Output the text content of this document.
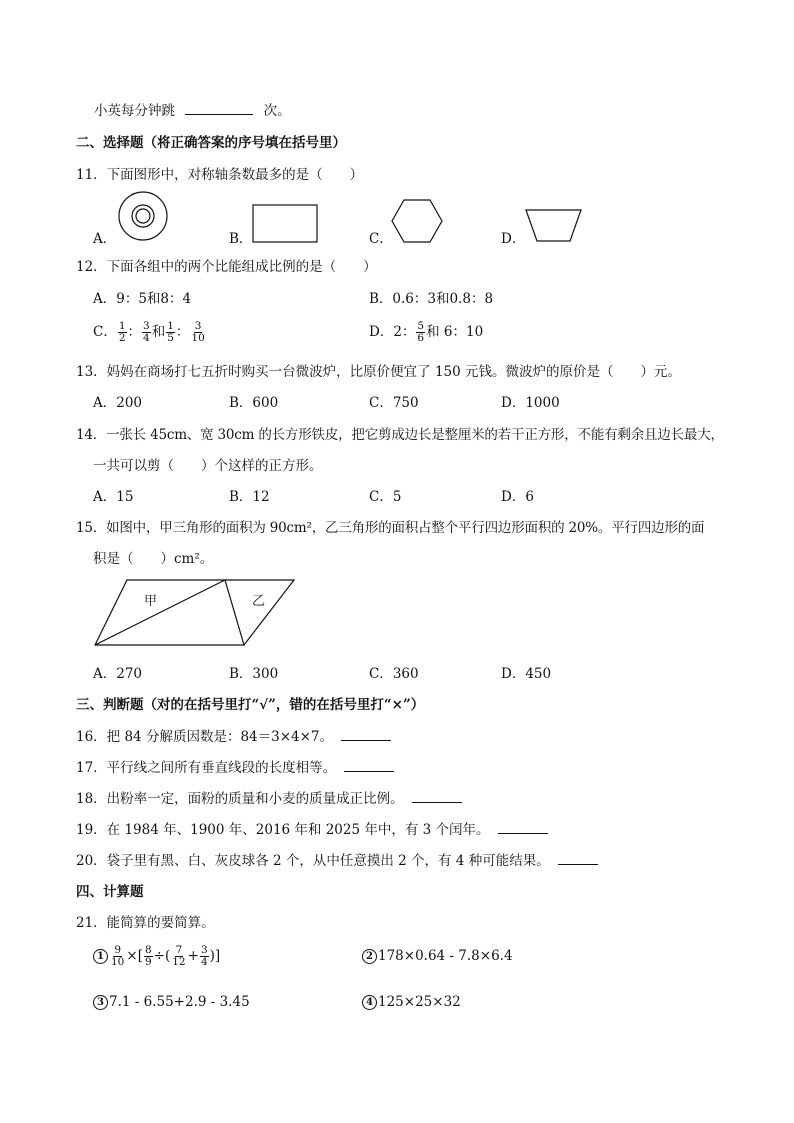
小英每分钟跳	次。
二、选择题（将正确答案的序号填在括号里）
11．下面图形中，对称轴条数最多的是（　　）
A．	B．	C．	D．
12．下面各组中的两个比能组成比例的是（　　）
A．9：5和8：4	B．0.6：3和0.8：8
C． $\frac{1}{2}$ ： $\frac{3}{4}$ 和 $\frac{1}{5}$ ： $\frac{3}{10}$	D．2： $\frac{5}{6}$ 和 6：10
13．妈妈在商场打七五折时购买一台微波炉，比原价便宜了 150 元钱。微波炉的原价是（　　）元。
A．200	B．600	C．750	D．1000
14．一张长 45cm、宽 30cm 的长方形铁皮，把它剪成边长是整厘米的若干正方形，不能有剩余且边长最大，
一共可以剪（　　）个这样的正方形。
A．15	B．12	C．5	D．6
15．如图中，甲三角形的面积为 90cm²，乙三角形的面积占整个平行四边形面积的 20%。平行四边形的面
积是（　　）cm²。
甲	乙
A．270	B．300	C．360	D．450
三、判断题（对的在括号里打“√”，错的在括号里打“×”）
16．把 84 分解质因数是：84＝3×4×7。
17．平行线之间所有垂直线段的长度相等。
18．出粉率一定，面粉的质量和小麦的质量成正比例。
19．在 1984 年、1900 年、2016 年和 2025 年中，有 3 个闰年。
20．袋子里有黑、白、灰皮球各 2 个，从中任意摸出 2 个，有 4 种可能结果。
四、计算题
21．能简算的要简算。
$1 \frac{9}{10}$ ×[ $\frac{8}{9}$ ÷( $\frac{7}{12} + \frac{3}{4}$ )]	2 178×0.64 - 7.8×6.4
3 7.1 - 6.55+2.9 - 3.45	4 125×25×32
